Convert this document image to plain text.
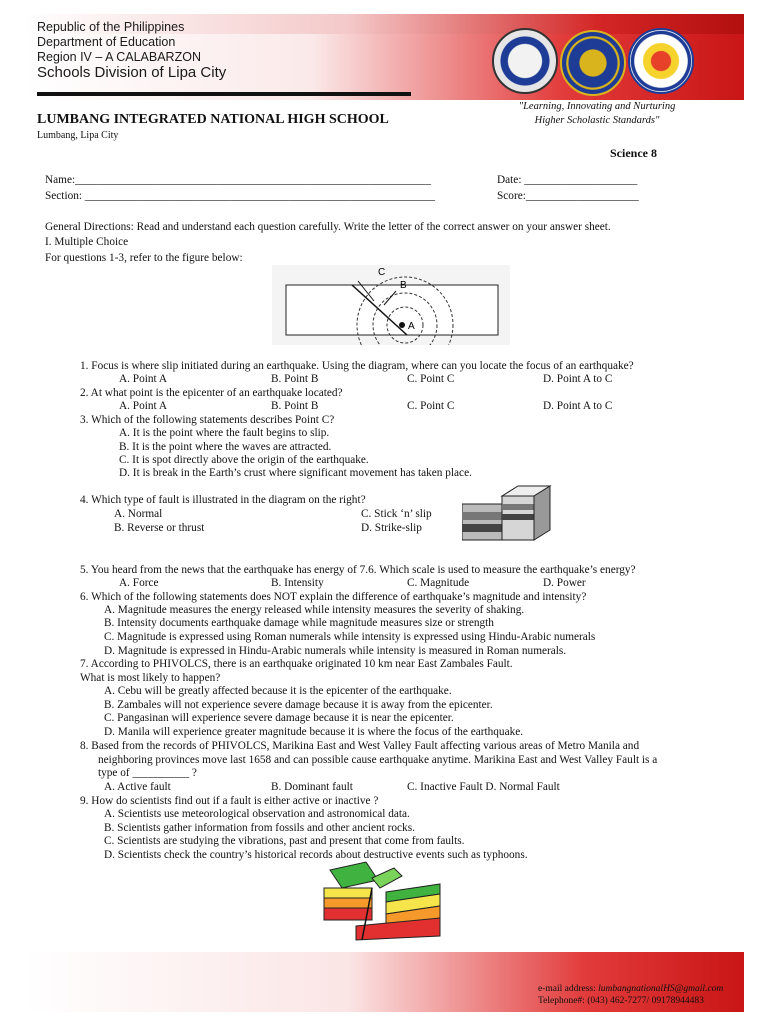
Republic of the Philippines
Department of Education
Region IV – A CALABARZON
Schools Division of Lipa City
LUMBANG INTEGRATED NATIONAL HIGH SCHOOL
Lumbang, Lipa City
"Learning, Innovating and Nurturing
Higher Scholastic Standards"
Science 8
Name:_______________________________________________________________
Section: ______________________________________________________________
Date: ____________________
Score:____________________
General Directions: Read and understand each question carefully. Write the letter of the correct answer on your answer sheet.
I. Multiple Choice
For questions 1-3, refer to the figure below:
C
B
A
1. Focus is where slip initiated during an earthquake. Using the diagram, where can you locate the focus of an earthquake?
A. Point A	B. Point B	C. Point C	D. Point A to C
2. At what point is the epicenter of an earthquake located?
A. Point A	B. Point B	C. Point C	D. Point A to C
3. Which of the following statements describes Point C?
A. It is the point where the fault begins to slip.
B. It is the point where the waves are attracted.
C. It is spot directly above the origin of the earthquake.
D. It is break in the Earth’s crust where significant movement has taken place.
4. Which type of fault is illustrated in the diagram on the right?
A. Normal
B. Reverse or thrust
C. Stick ‘n’ slip
D. Strike-slip
5. You heard from the news that the earthquake has energy of 7.6. Which scale is used to measure the earthquake’s energy?
A. Force	B. Intensity	C. Magnitude	D. Power
6. Which of the following statements does NOT explain the difference of earthquake’s magnitude and intensity?
A. Magnitude measures the energy released while intensity measures the severity of shaking.
B. Intensity documents earthquake damage while magnitude measures size or strength
C. Magnitude is expressed using Roman numerals while intensity is expressed using Hindu-Arabic numerals
D. Magnitude is expressed in Hindu-Arabic numerals while intensity is measured in Roman numerals.
7. According to PHIVOLCS, there is an earthquake originated 10 km near East Zambales Fault.
What is most likely to happen?
A. Cebu will be greatly affected because it is the epicenter of the earthquake.
B. Zambales will not experience severe damage because it is away from the epicenter.
C. Pangasinan will experience severe damage because it is near the epicenter.
D. Manila will experience greater magnitude because it is where the focus of the earthquake.
8. Based from the records of PHIVOLCS, Marikina East and West Valley Fault affecting various areas of Metro Manila and
neighboring provinces move last 1658 and can possible cause earthquake anytime. Marikina East and West Valley Fault is a
type of __________ ?
A. Active fault	B. Dominant fault	C. Inactive Fault D. Normal Fault
9. How do scientists find out if a fault is either active or inactive ?
A. Scientists use meteorological observation and astronomical data.
B. Scientists gather information from fossils and other ancient rocks.
C. Scientists are studying the vibrations, past and present that come from faults.
D. Scientists check the country’s historical records about destructive events such as typhoons.
e-mail address: lumbangnationalHS@gmail.com
Telephone#: (043) 462-7277/ 09178944483
